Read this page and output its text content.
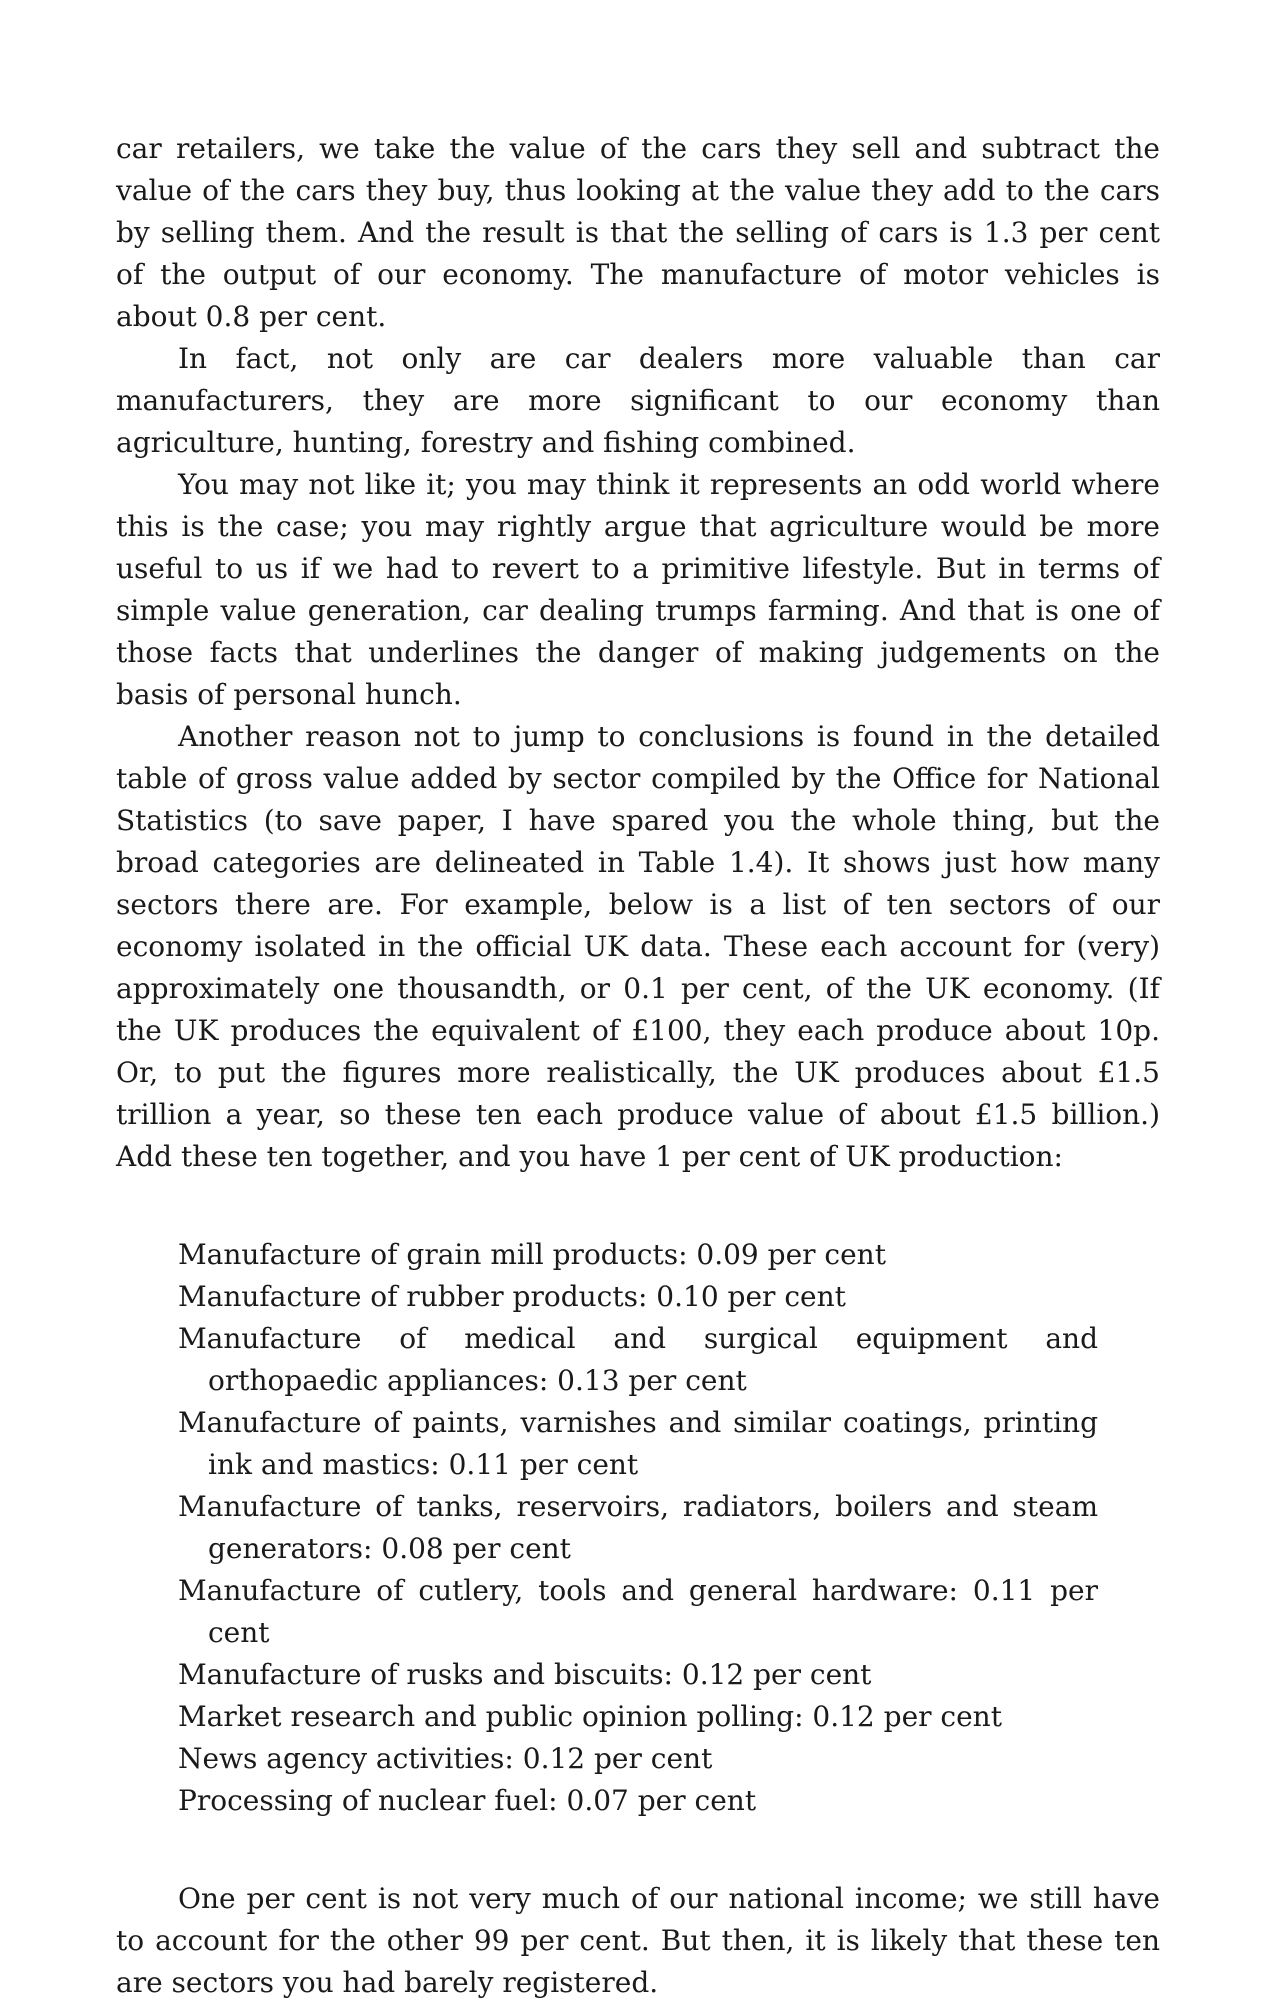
car retailers, we take the value of the cars they sell and subtract the value of the cars they buy, thus looking at the value they add to the cars by selling them. And the result is that the selling of cars is 1.3 per cent of the output of our economy. The manufacture of motor vehicles is about 0.8 per cent.

In fact, not only are car dealers more valuable than car manufacturers, they are more significant to our economy than agriculture, hunting, forestry and fishing combined.

You may not like it; you may think it represents an odd world where this is the case; you may rightly argue that agriculture would be more useful to us if we had to revert to a primitive lifestyle. But in terms of simple value generation, car dealing trumps farming. And that is one of those facts that underlines the danger of making judgements on the basis of personal hunch.

Another reason not to jump to conclusions is found in the detailed table of gross value added by sector compiled by the Office for National Statistics (to save paper, I have spared you the whole thing, but the broad categories are delineated in Table 1.4). It shows just how many sectors there are. For example, below is a list of ten sectors of our economy isolated in the official UK data. These each account for (very) approximately one thousandth, or 0.1 per cent, of the UK economy. (If the UK produces the equivalent of £100, they each produce about 10p. Or, to put the figures more realistically, the UK produces about £1.5 trillion a year, so these ten each produce value of about £1.5 billion.) Add these ten together, and you have 1 per cent of UK production:

Manufacture of grain mill products: 0.09 per cent
Manufacture of rubber products: 0.10 per cent
Manufacture of medical and surgical equipment and orthopaedic appliances: 0.13 per cent
Manufacture of paints, varnishes and similar coatings, printing ink and mastics: 0.11 per cent
Manufacture of tanks, reservoirs, radiators, boilers and steam generators: 0.08 per cent
Manufacture of cutlery, tools and general hardware: 0.11 per cent
Manufacture of rusks and biscuits: 0.12 per cent
Market research and public opinion polling: 0.12 per cent
News agency activities: 0.12 per cent
Processing of nuclear fuel: 0.07 per cent

One per cent is not very much of our national income; we still have to account for the other 99 per cent. But then, it is likely that these ten are sectors you had barely registered.
